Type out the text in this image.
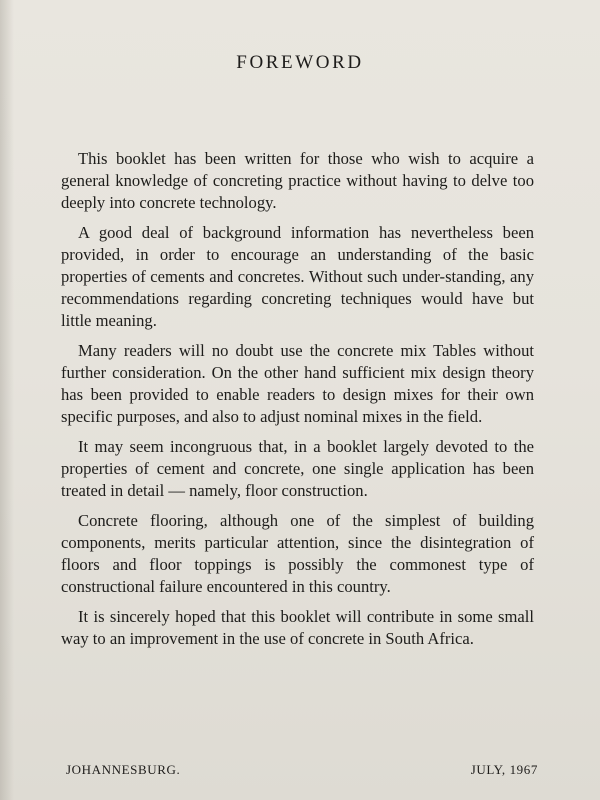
FOREWORD

This booklet has been written for those who wish to acquire a general knowledge of concreting practice without having to delve too deeply into concrete technology.

A good deal of background information has nevertheless been provided, in order to encourage an understanding of the basic properties of cements and concretes. Without such under-standing, any recommendations regarding concreting techniques would have but little meaning.

Many readers will no doubt use the concrete mix Tables without further consideration. On the other hand sufficient mix design theory has been provided to enable readers to design mixes for their own specific purposes, and also to adjust nominal mixes in the field.

It may seem incongruous that, in a booklet largely devoted to the properties of cement and concrete, one single application has been treated in detail — namely, floor construction.

Concrete flooring, although one of the simplest of building components, merits particular attention, since the disintegration of floors and floor toppings is possibly the commonest type of constructional failure encountered in this country.

It is sincerely hoped that this booklet will contribute in some small way to an improvement in the use of concrete in South Africa.

JOHANNESBURG.	JULY, 1967
